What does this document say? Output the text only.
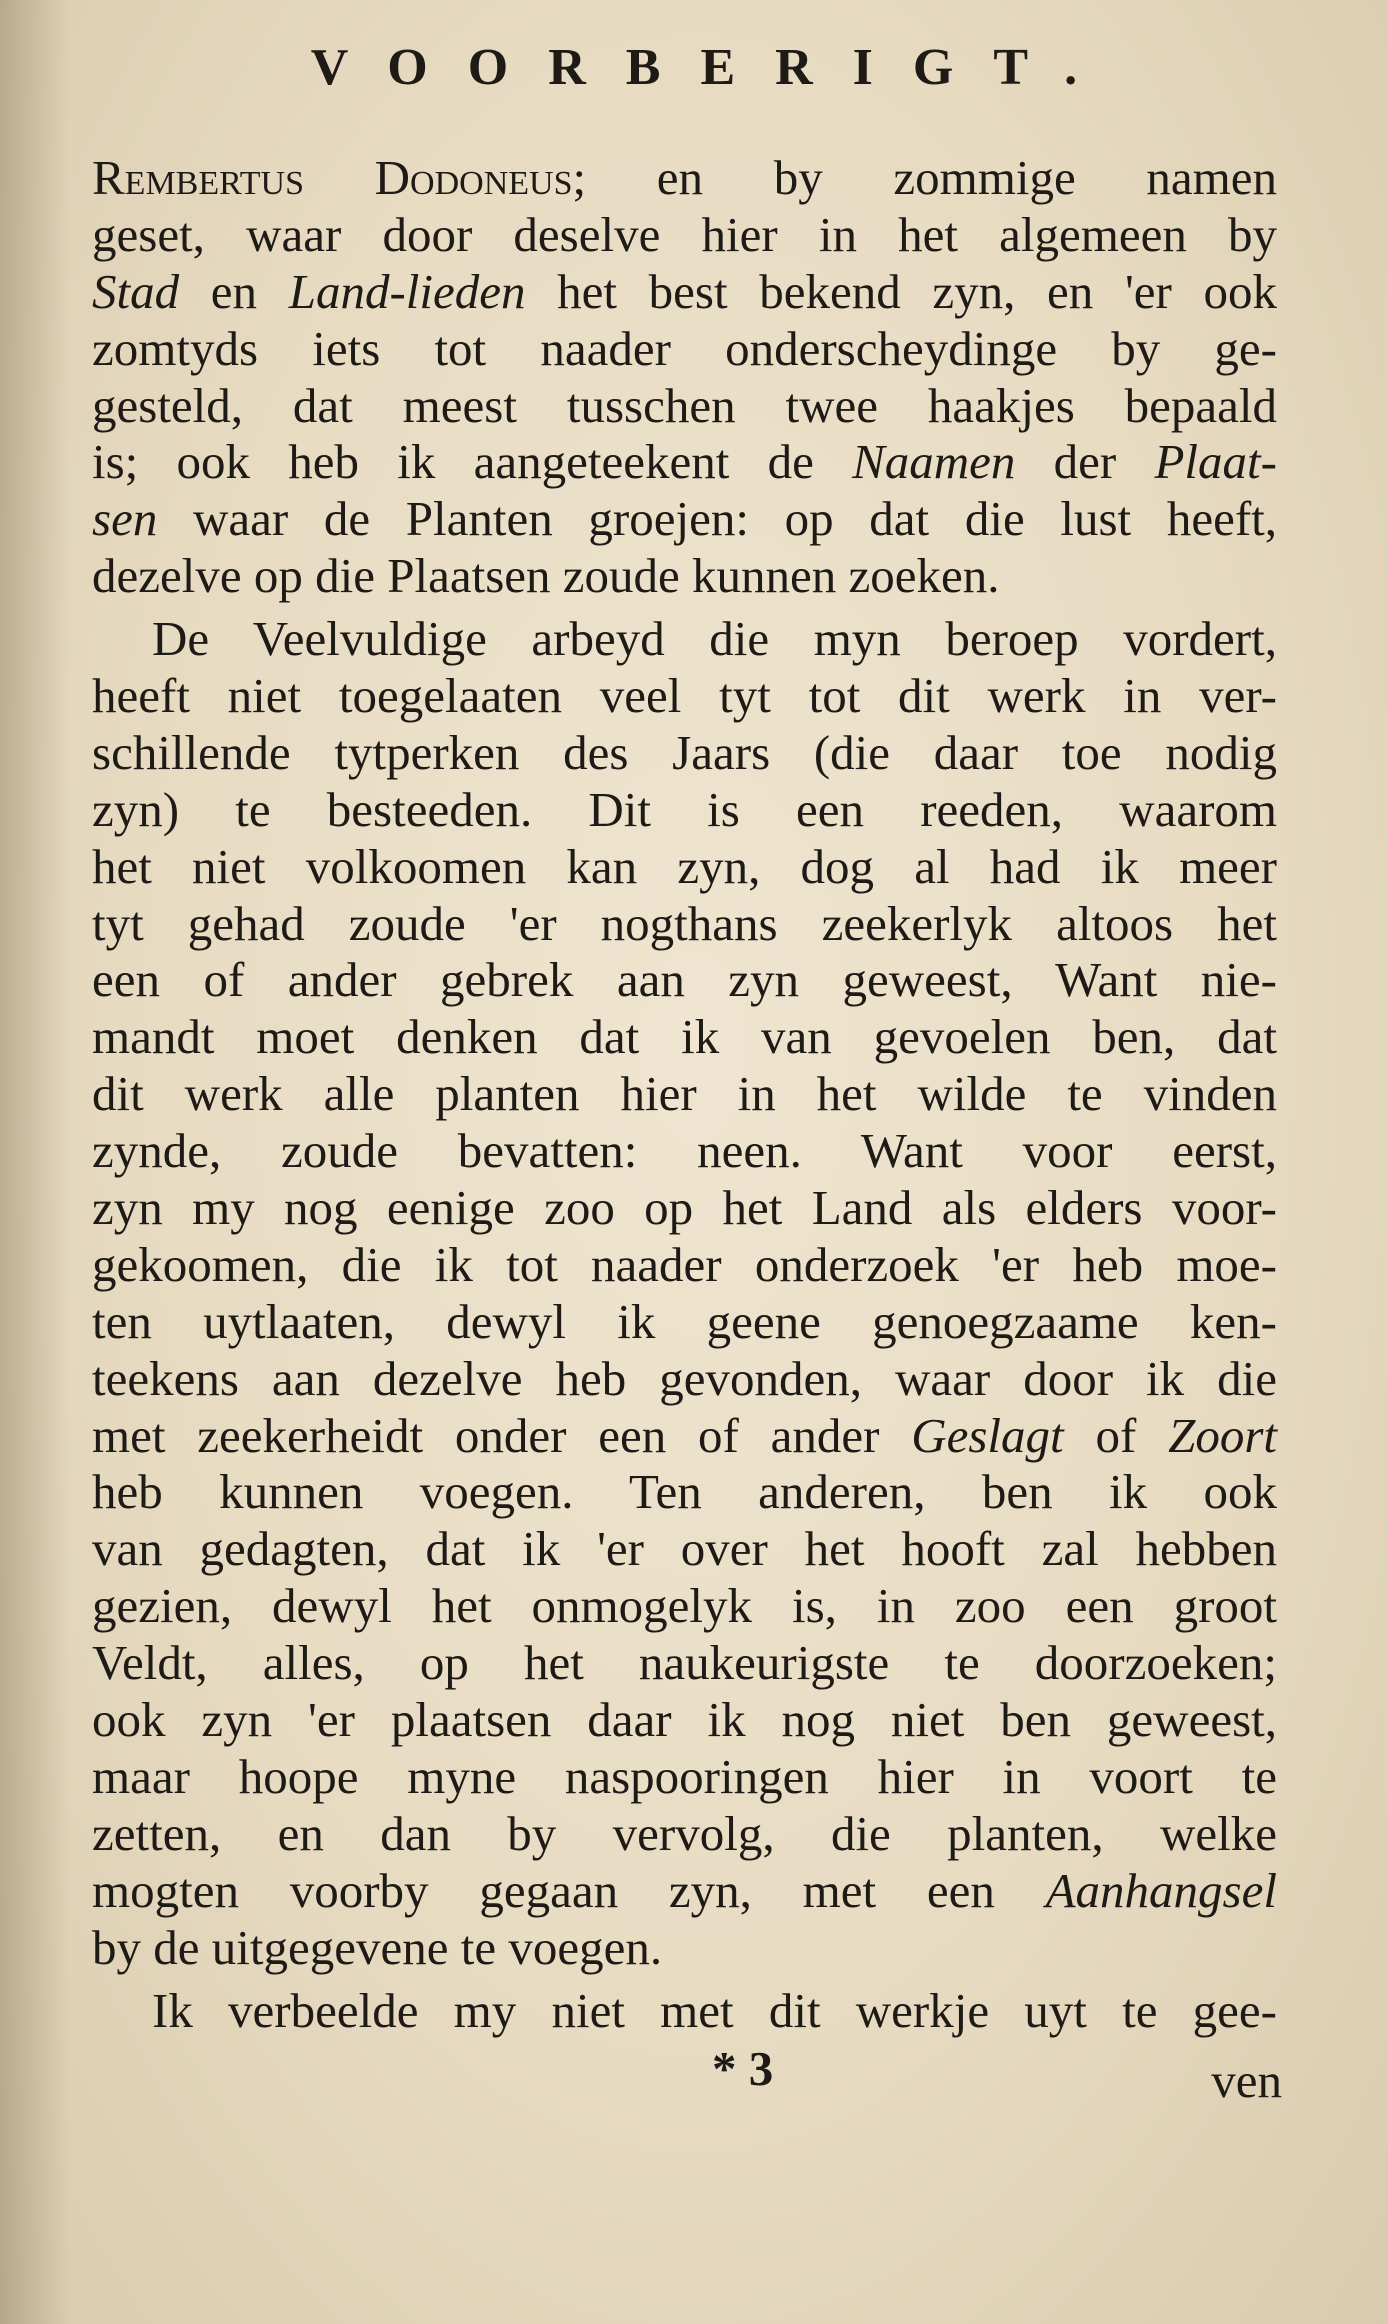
VOORBERIGT.
Rembertus Dodoneus; en by zommige namen
geset, waar door deselve hier in het algemeen by
Stad en Land-lieden het best bekend zyn, en 'er ook
zomtyds iets tot naader onderscheydinge by ge-
gesteld, dat meest tusschen twee haakjes bepaald
is; ook heb ik aangeteekent de Naamen der Plaat-
sen waar de Planten groejen: op dat die lust heeft,
dezelve op die Plaatsen zoude kunnen zoeken.
De Veelvuldige arbeyd die myn beroep vordert,
heeft niet toegelaaten veel tyt tot dit werk in ver-
schillende tytperken des Jaars (die daar toe nodig
zyn) te besteeden. Dit is een reeden, waarom
het niet volkoomen kan zyn, dog al had ik meer
tyt gehad zoude 'er nogthans zeekerlyk altoos het
een of ander gebrek aan zyn geweest, Want nie-
mandt moet denken dat ik van gevoelen ben, dat
dit werk alle planten hier in het wilde te vinden
zynde, zoude bevatten: neen. Want voor eerst,
zyn my nog eenige zoo op het Land als elders voor-
gekoomen, die ik tot naader onderzoek 'er heb moe-
ten uytlaaten, dewyl ik geene genoegzaame ken-
teekens aan dezelve heb gevonden, waar door ik die
met zeekerheidt onder een of ander Geslagt of Zoort
heb kunnen voegen. Ten anderen, ben ik ook
van gedagten, dat ik 'er over het hooft zal hebben
gezien, dewyl het onmogelyk is, in zoo een groot
Veldt, alles, op het naukeurigste te doorzoeken;
ook zyn 'er plaatsen daar ik nog niet ben geweest,
maar hoope myne naspooringen hier in voort te
zetten, en dan by vervolg, die planten, welke
mogten voorby gegaan zyn, met een Aanhangsel
by de uitgegevene te voegen.
Ik verbeelde my niet met dit werkje uyt te gee-
* 3	ven
